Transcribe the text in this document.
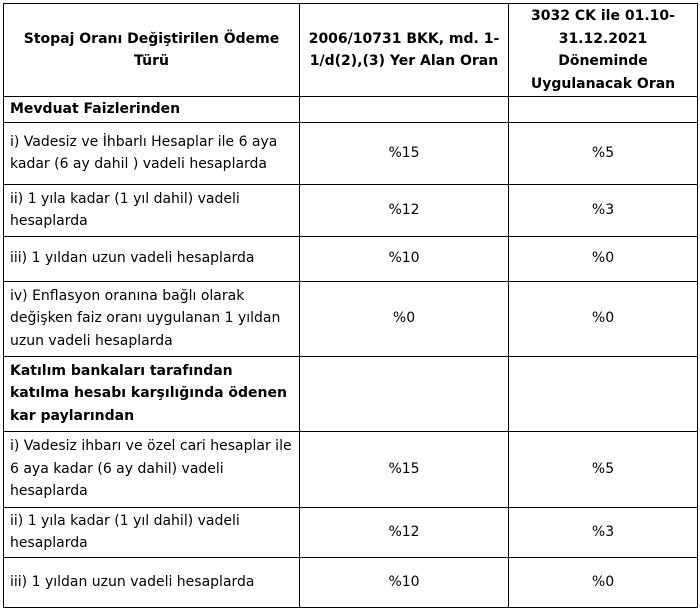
Stopaj Oranı Değiştirilen Ödeme Türü	2006/10731 BKK, md. 1-1/d(2),(3) Yer Alan Oran	3032 CK ile 01.10-31.12.2021 Döneminde Uygulanacak Oran
Mevduat Faizlerinden		
i) Vadesiz ve İhbarlı Hesaplar ile 6 aya kadar (6 ay dahil ) vadeli hesaplarda	%15	%5
ii) 1 yıla kadar (1 yıl dahil) vadeli hesaplarda	%12	%3
iii) 1 yıldan uzun vadeli hesaplarda	%10	%0
iv) Enflasyon oranına bağlı olarak değişken faiz oranı uygulanan 1 yıldan uzun vadeli hesaplarda	%0	%0
Katılım bankaları tarafından katılma hesabı karşılığında ödenen kar paylarından		
i) Vadesiz ihbarı ve özel cari hesaplar ile 6 aya kadar (6 ay dahil) vadeli hesaplarda	%15	%5
ii) 1 yıla kadar (1 yıl dahil) vadeli hesaplarda	%12	%3
iii) 1 yıldan uzun vadeli hesaplarda	%10	%0
